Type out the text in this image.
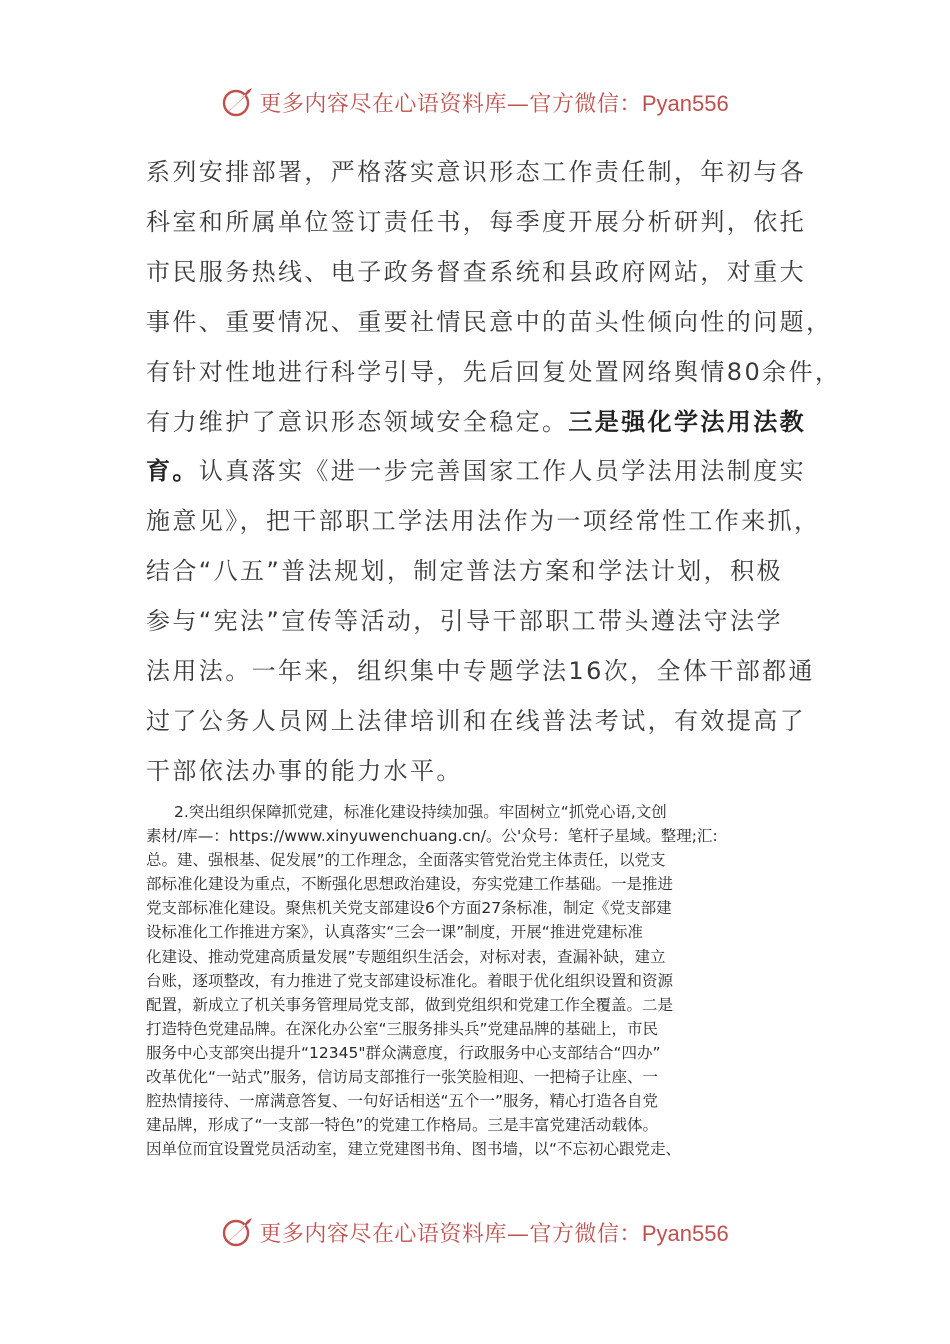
更多内容尽在心语资料库—官方微信：Pyan556
系列安排部署，严格落实意识形态工作责任制，年初与各
科室和所属单位签订责任书，每季度开展分析研判，依托
市民服务热线、电子政务督查系统和县政府网站，对重大
事件、重要情况、重要社情民意中的苗头性倾向性的问题，
有针对性地进行科学引导，先后回复处置网络舆情80余件，
有力维护了意识形态领域安全稳定。三是强化学法用法教
育。认真落实《进一步完善国家工作人员学法用法制度实
施意见》，把干部职工学法用法作为一项经常性工作来抓，
结合“八五”普法规划，制定普法方案和学法计划，积极
参与“宪法”宣传等活动，引导干部职工带头遵法守法学
法用法。一年来，组织集中专题学法16次，全体干部都通
过了公务人员网上法律培训和在线普法考试，有效提高了
干部依法办事的能力水平。
2.突出组织保障抓党建，标准化建设持续加强。牢固树立“抓党心语,文创
素材/库—：https://www.xinyuwenchuang.cn/。公'众号：笔杆子星域。整理;汇:
总。建、强根基、促发展”的工作理念，全面落实管党治党主体责任，以党支
部标准化建设为重点，不断强化思想政治建设，夯实党建工作基础。一是推进
党支部标准化建设。聚焦机关党支部建设6个方面27条标准，制定《党支部建
设标准化工作推进方案》，认真落实“三会一课”制度，开展“推进党建标准
化建设、推动党建高质量发展”专题组织生活会，对标对表，查漏补缺，建立
台账，逐项整改，有力推进了党支部建设标准化。着眼于优化组织设置和资源
配置，新成立了机关事务管理局党支部，做到党组织和党建工作全覆盖。二是
打造特色党建品牌。在深化办公室“三服务排头兵”党建品牌的基础上，市民
服务中心支部突出提升“12345"群众满意度，行政服务中心支部结合“四办”
改革优化“一站式”服务，信访局支部推行一张笑脸相迎、一把椅子让座、一
腔热情接待、一席满意答复、一句好话相送“五个一”服务，精心打造各自党
建品牌，形成了“一支部一特色”的党建工作格局。三是丰富党建活动载体。
因单位而宜设置党员活动室，建立党建图书角、图书墙，以“不忘初心跟党走、
更多内容尽在心语资料库—官方微信：Pyan556
